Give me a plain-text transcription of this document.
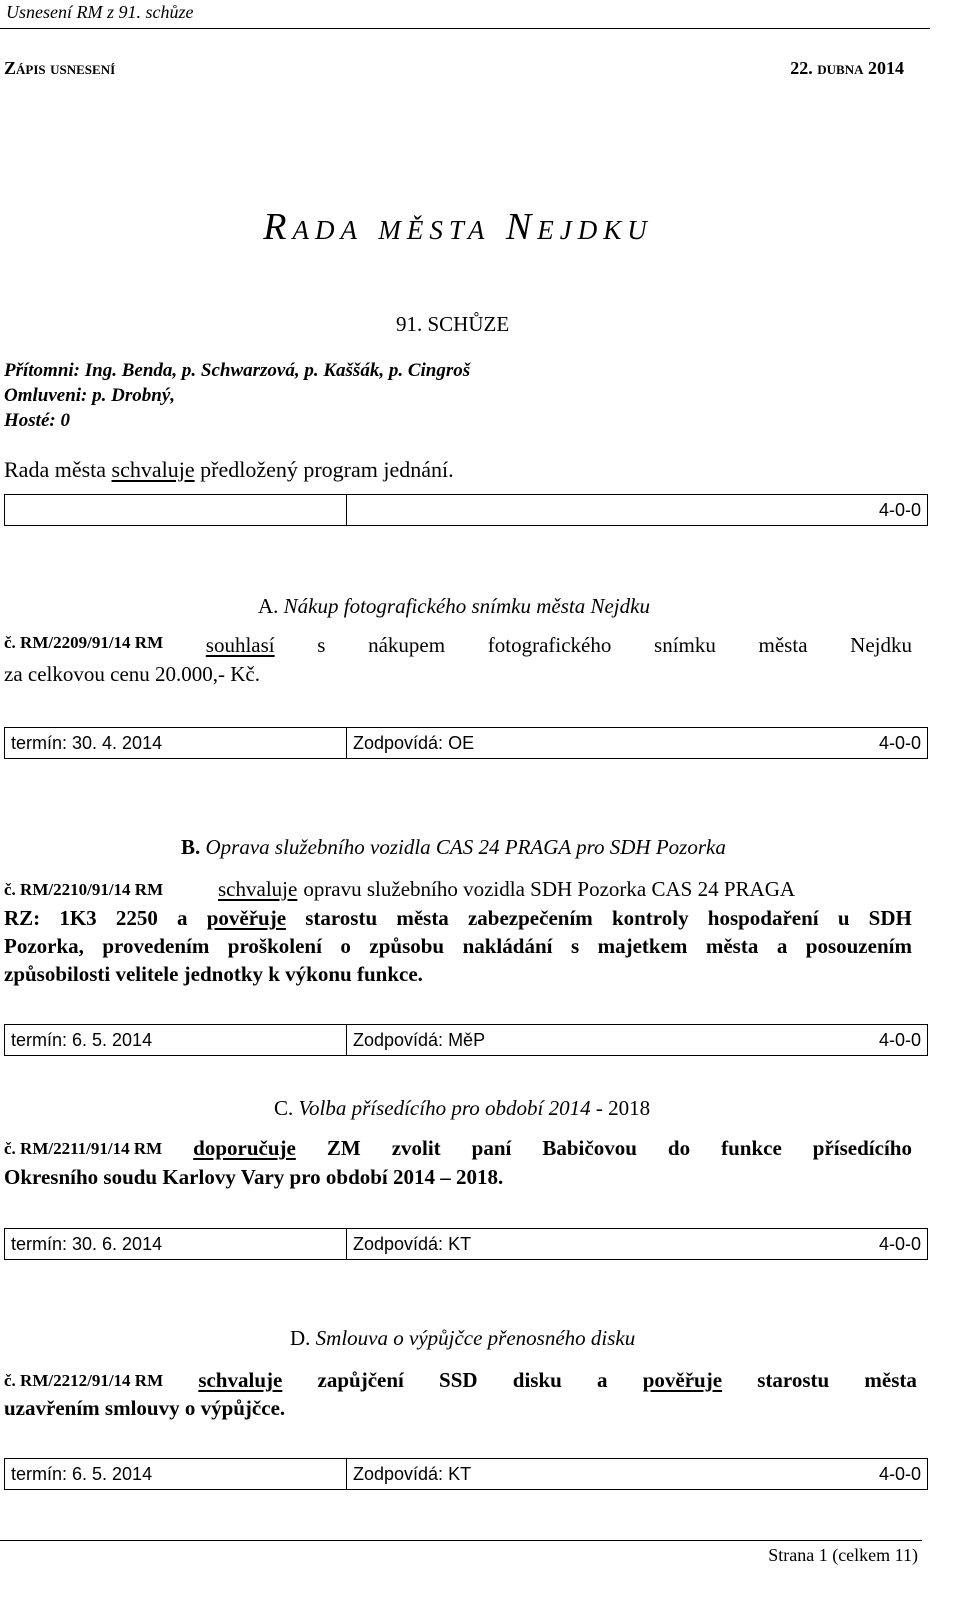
Usnesení RM z 91. schůze
Zápis usnesení	22. dubna 2014
Rada města Nejdku
91. SCHŮZE
Přítomni: Ing. Benda, p. Schwarzová, p. Kaššák, p. Cingroš
Omluveni: p. Drobný,
Hosté: 0
Rada města schvaluje předložený program jednání.
4-0-0
A. Nákup fotografického snímku města Nejdku
č. RM/2209/91/14 RM souhlasí s nákupem fotografického snímku města Nejdku
za celkovou cenu 20.000,- Kč.
termín: 30. 4. 2014	Zodpovídá: OE	4-0-0
B. Oprava služebního vozidla CAS 24 PRAGA pro SDH Pozorka
č. RM/2210/91/14 RM	schvaluje opravu služebního vozidla SDH Pozorka CAS 24 PRAGA
RZ: 1K3 2250 a pověřuje starostu města zabezpečením kontroly hospodaření u SDH
Pozorka, provedením proškolení o způsobu nakládání s majetkem města a posouzením
způsobilosti velitele jednotky k výkonu funkce.
termín: 6. 5. 2014	Zodpovídá: MěP	4-0-0
C. Volba přísedícího pro období 2014 - 2018
č. RM/2211/91/14 RM doporučuje ZM zvolit paní Babičovou do funkce přísedícího
Okresního soudu Karlovy Vary pro období 2014 – 2018.
termín: 30. 6. 2014	Zodpovídá: KT	4-0-0
D. Smlouva o výpůjčce přenosného disku
č. RM/2212/91/14 RM schvaluje zapůjčení SSD disku a pověřuje starostu města
uzavřením smlouvy o výpůjčce.
termín: 6. 5. 2014	Zodpovídá: KT	4-0-0
Strana 1 (celkem 11)
